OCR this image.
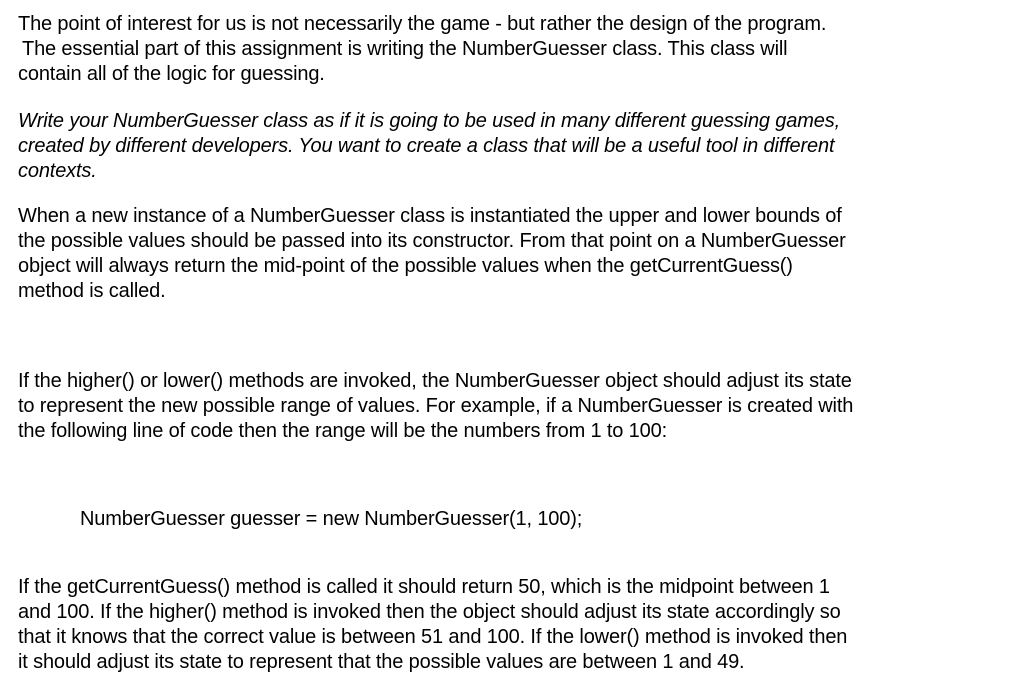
The point of interest for us is not necessarily the game - but rather the design of the program.
The essential part of this assignment is writing the NumberGuesser class. This class will
contain all of the logic for guessing.
Write your NumberGuesser class as if it is going to be used in many different guessing games,
created by different developers. You want to create a class that will be a useful tool in different
contexts.
When a new instance of a NumberGuesser class is instantiated the upper and lower bounds of
the possible values should be passed into its constructor. From that point on a NumberGuesser
object will always return the mid-point of the possible values when the getCurrentGuess()
method is called.
If the higher() or lower() methods are invoked, the NumberGuesser object should adjust its state
to represent the new possible range of values. For example, if a NumberGuesser is created with
the following line of code then the range will be the numbers from 1 to 100:
NumberGuesser guesser = new NumberGuesser(1, 100);
If the getCurrentGuess() method is called it should return 50, which is the midpoint between 1
and 100. If the higher() method is invoked then the object should adjust its state accordingly so
that it knows that the correct value is between 51 and 100. If the lower() method is invoked then
it should adjust its state to represent that the possible values are between 1 and 49.
